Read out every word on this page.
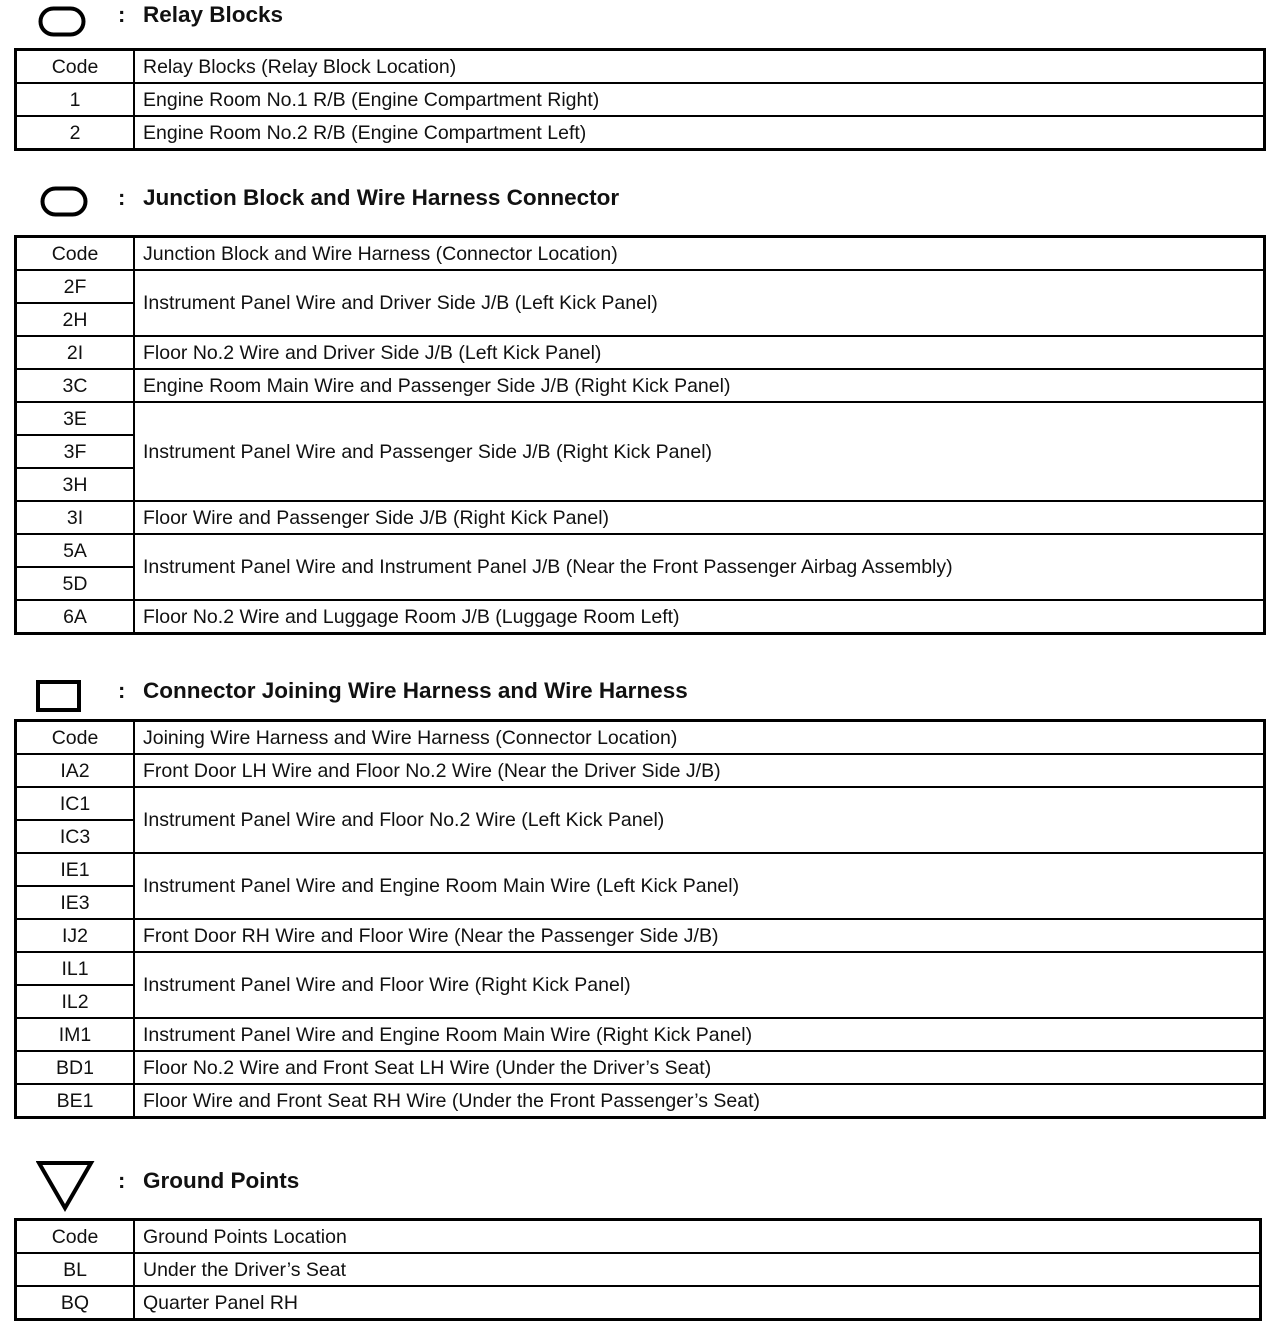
: Relay Blocks
Code	Relay Blocks (Relay Block Location)
1	Engine Room No.1 R/B (Engine Compartment Right)
2	Engine Room No.2 R/B (Engine Compartment Left)
: Junction Block and Wire Harness Connector
Code	Junction Block and Wire Harness (Connector Location)
2F	Instrument Panel Wire and Driver Side J/B (Left Kick Panel)
2H	
2I	Floor No.2 Wire and Driver Side J/B (Left Kick Panel)
3C	Engine Room Main Wire and Passenger Side J/B (Right Kick Panel)
3E	Instrument Panel Wire and Passenger Side J/B (Right Kick Panel)
3F	
3H	
3I	Floor Wire and Passenger Side J/B (Right Kick Panel)
5A	Instrument Panel Wire and Instrument Panel J/B (Near the Front Passenger Airbag Assembly)
5D	
6A	Floor No.2 Wire and Luggage Room J/B (Luggage Room Left)
: Connector Joining Wire Harness and Wire Harness
Code	Joining Wire Harness and Wire Harness (Connector Location)
IA2	Front Door LH Wire and Floor No.2 Wire (Near the Driver Side J/B)
IC1	Instrument Panel Wire and Floor No.2 Wire (Left Kick Panel)
IC3	
IE1	Instrument Panel Wire and Engine Room Main Wire (Left Kick Panel)
IE3	
IJ2	Front Door RH Wire and Floor Wire (Near the Passenger Side J/B)
IL1	Instrument Panel Wire and Floor Wire (Right Kick Panel)
IL2	
IM1	Instrument Panel Wire and Engine Room Main Wire (Right Kick Panel)
BD1	Floor No.2 Wire and Front Seat LH Wire (Under the Driver’s Seat)
BE1	Floor Wire and Front Seat RH Wire (Under the Front Passenger’s Seat)
: Ground Points
Code	Ground Points Location
BL	Under the Driver’s Seat
BQ	Quarter Panel RH
